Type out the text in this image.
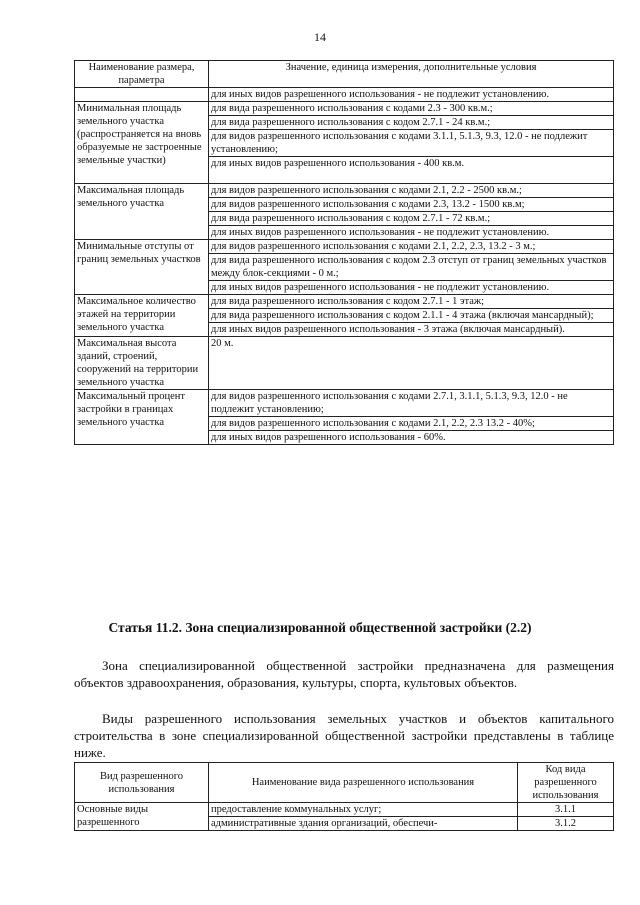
14
Наименование размера, параметра	Значение, единица измерения, дополнительные условия
	для иных видов разрешенного использования - не подлежит установлению.
Минимальная площадь земельного участка (распространяется на вновь образуемые не застроенные земельные участки)	для вида разрешенного использования с кодами 2.3 - 300 кв.м.;
для вида разрешенного использования с кодом 2.7.1 - 24 кв.м.;
для видов разрешенного использования с кодами 3.1.1, 5.1.3, 9.3, 12.0 - не подлежит установлению;
для иных видов разрешенного использования - 400 кв.м.

Максимальная площадь земельного участка	для видов разрешенного использования с кодами 2.1, 2.2 - 2500 кв.м.;
для видов разрешенного использования с кодами 2.3, 13.2 - 1500 кв.м;
для вида разрешенного использования с кодом 2.7.1 - 72 кв.м.;
для иных видов разрешенного использования - не подлежит установлению.

Минимальные отступы от границ земельных участков	для видов разрешенного использования с кодами 2.1, 2.2, 2.3, 13.2 - 3 м.;
для вида разрешенного использования с кодом 2.3 отступ от границ земельных участков между блок-секциями - 0 м.;
для иных видов разрешенного использования - не подлежит установлению.

Максимальное количество этажей на территории земельного участка	для вида разрешенного использования с кодом 2.7.1 - 1 этаж;
для вида разрешенного использования с кодом 2.1.1 - 4 этажа (включая мансардный);
для иных видов разрешенного использования - 3 этажа (включая мансардный).

Максимальная высота зданий, строений, сооружений на территории земельного участка	20 м.
Максимальный процент застройки в границах земельного участка	для видов разрешенного использования с кодами 2.7.1, 3.1.1, 5.1.3, 9.3, 12.0 - не подлежит установлению;
для видов разрешенного использования с кодами 2.1, 2.2, 2.3 13.2 - 40%;
для иных видов разрешенного использования - 60%.
Статья 11.2. Зона специализированной общественной застройки (2.2)
Зона специализированной общественной застройки предназначена для размещения объектов здравоохранения, образования, культуры, спорта, культовых объектов.
Виды разрешенного использования земельных участков и объектов капитального строительства в зоне специализированной общественной застройки представлены в таблице ниже.
Вид разрешенного использования	Наименование вида разрешенного использования	Код вида разрешенного использования
Основные виды разрешенного	предоставление коммунальных услуг;	3.1.1
	административные здания организаций, обеспечи-	3.1.2
